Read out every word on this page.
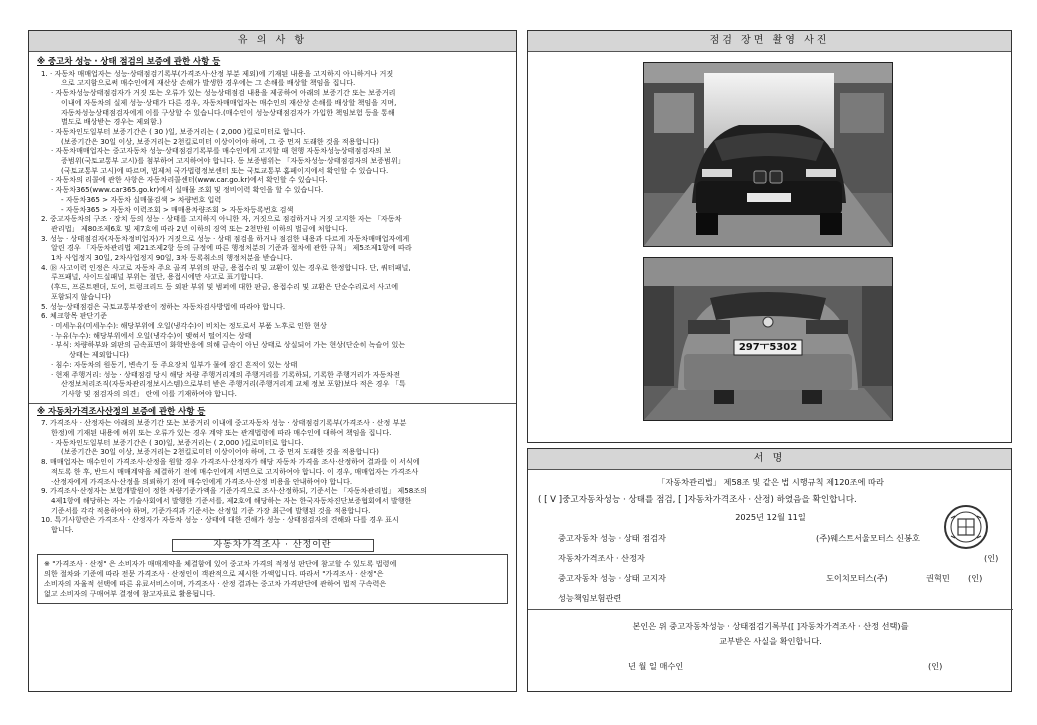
유 의 사 항
※ 중고차 성능 · 상태 점검의 보증에 관한 사항 등
1. · 자동차 매매업자는 성능·상태점검기록부(가격조사·산정 부분 제외)에 기재된 내용을 고지하지 아니하거나 거짓
으로 고지함으로써 매수인에게 재산상 손해가 발생한 경우에는 그 손해를 배상할 책임을 집니다.
· 자동차성능상태점검자가 거짓 또는 오류가 있는 성능상태점검 내용을 제공하여 아래의 보증기간 또는 보증거리
이내에 자동차의 실제 성능·상태가 다른 경우, 자동차매매업자는 매수인의 재산상 손해를 배상할 책임을 지며,
자동차성능상태점검자에게 이를 구상할 수 있습니다.(매수인이 성능상태점검자가 가입한 책임보험 등을 통해
별도로 배상받는 경우는 제외함.)
· 자동차인도일부터 보증기간은 ( 30 )일, 보증거리는 ( 2,000 )킬로미터로 합니다.
(보증기간은 30일 이상, 보증거리는 2천킬로미터 이상이어야 하며, 그 중 먼저 도래한 것을 적용합니다)
· 자동차매매업자는 중고자동차 성능·상태점검기록부를 매수인에게 고지할 때 현행 자동차성능상태점검자의 보
증범위(국토교통부 고시)를 첨부하여 고지하여야 합니다. 동 보증범위는 「자동차성능·상태점검자의 보증범위」
(국토교통부 고시)에 따르며, 법제처 국가법령정보센터 또는 국토교통부 홈페이지에서 확인할 수 있습니다.
· 자동차의 리콜에 관한 사항은 자동차리콜센터(www.car.go.kr)에서 확인할 수 있습니다.
· 자동차365(www.car365.go.kr)에서 실매물 조회 및 정비이력 확인을 할 수 있습니다.
- 자동차365 > 자동차 실매물검색 > 차량번호 입력
- 자동차365 > 자동차 이력조회 > 매매용차량조회 > 자동차등록번호 검색
2. 중고자동차의 구조 · 장치 등의 성능 · 상태를 고지하지 아니한 자, 거짓으로 점검하거나 거짓 고지한 자는 「자동차
관리법」 제80조제6호 및 제7호에 따라 2년 이하의 징역 또는 2천만원 이하의 벌금에 처합니다.
3. 성능 · 상태점검자(자동차정비업자)가 거짓으로 성능 · 상태 점검을 하거나 점검한 내용과 다르게 자동차매매업자에게
알린 경우 「자동차관리법 제21조제2항 등의 규정에 따른 행정처분의 기준과 절차에 관한 규칙」 제5조제1항에 따라
1차 사업정지 30일, 2차사업정지 90일, 3차 등록취소의 행정처분을 받습니다.
4. ⑱ 사고이력 인정은 사고로 자동차 주요 골격 부위의 판금, 용접수리 및 교환이 있는 경우로 한정합니다. 단, 쿼터패널,
루프패널, 사이드실패널 부위는 절단, 용접시에만 사고로 표기합니다.
(후드, 프론트펜더, 도어, 트렁크리드 등 외판 부위 및 범퍼에 대한 판금, 용접수리 및 교환은 단순수리로서 사고에
포함되지 않습니다)
5. 성능·상태점검은 국토교통부장관이 정하는 자동차검사방법에 따라야 합니다.
6. 체크항목 판단기준
· 미세누유(미세누수): 해당부위에 오일(냉각수)이 비치는 정도로서 부품 노후로 인한 현상
· 누유(누수): 해당부위에서 오일(냉각수)이 맺혀서 떨어지는 상태
· 부식: 차량하부와 외판의 금속표면이 화학반응에 의해 금속이 아닌 상태로 상실되어 가는 현상(단순히 녹슬어 있는
상태는 제외합니다)
· 침수: 자동차의 원동기, 변속기 등 주요장치 일부가 물에 잠긴 흔적이 있는 상태
· 현재 주행거리: 성능 · 상태점검 당시 해당 차량 주행거리계의 주행거리를 기록하되, 기록한 주행거리가 자동차전
산정보처리조직(자동차관리정보시스템)으로부터 받은 주행거리(주행거리계 교체 정보 포함)보다 적은 경우 「특
기사항 및 점검자의 의견」 란에 이를 기재하여야 합니다.
※ 자동차가격조사산정의 보증에 관한 사항 등
7. 가격조사 · 산정자는 아래의 보증기간 또는 보증거리 이내에 중고자동차 성능 · 상태점검기록부(가격조사 · 산정 부분
한정)에 기재된 내용에 허위 또는 오류가 있는 경우 계약 또는 관계법령에 따라 매수인에 대하여 책임을 집니다.
· 자동차인도일부터 보증기간은 ( 30)일, 보증거리는 ( 2,000 )킬로미터로 합니다.
(보증기간은 30일 이상, 보증거리는 2천킬로미터 이상이어야 하며, 그 중 먼저 도래한 것을 적용합니다)
8. 매매업자는 매수인이 가격조사·산정을 원할 경우 가격조사·산정자가 해당 자동차 가격을 조사·산정하여 결과를 이 서식에
적도록 한 후, 반드시 매매계약을 체결하기 전에 매수인에게 서면으로 고지하여야 합니다. 이 경우, 매매업자는 가격조사
·산정자에게 가격조사·산정을 의뢰하기 전에 매수인에게 가격조사·산정 비용을 안내하여야 합니다.
9. 가격조사·산정자는 보험개발원이 정한 차량기준가액을 기준가격으로 조사·산정하되, 기준서는 「자동차관리법」 제58조의
4제1항에 해당하는 자는 기술사회에서 발행한 기준서를, 제2호에 해당하는 자는 한국자동차진단보증협회에서 발행한
기준서를 각각 적용하여야 하며, 기준가격과 기준서는 산정일 기준 가장 최근에 발행된 것을 적용합니다.
10. 특기사항란은 가격조사 · 산정자가 자동차 성능 · 상태에 대한 견해가 성능 · 상태점검자의 견해와 다를 경우 표시
합니다.
자동차가격조사 · 산정이란
※ "가격조사 · 산정" 은 소비자가 매매계약을 체결함에 있어 중고차 가격의 적정성 판단에 참고할 수 있도록 법령에
의한 절차와 기준에 따라 전문 가격조사 · 산정인이 객관적으로 제시한 가액입니다. 따라서 "가격조사 · 산정"은
소비자의 자율적 선택에 따른 유료서비스이며, 가격조사 · 산정 결과는 중고차 가격판단에 관하여 법적 구속력은
없고 소비자의 구매여부 결정에 참고자료로 활용됩니다.
점검 장면 촬영 사진
297ㅜ5302
서 명
「자동차관리법」 제58조 및 같은 법 시행규칙 제120조에 따라
( [ V ]중고자동차성능 · 상태를 점검, [ ]자동차가격조사 · 산정) 하였음을 확인합니다.
2025년 12월 11일
중고자동차 성능 · 상태 점검자	(주)웨스트서울모터스 신봉호
자동차가격조사 · 산정자	(인)
중고자동차 성능 · 상태 고지자	도이치모터스(주)	권혁민 (인)
성능책임보험관련
본인은 위 중고자동차성능 · 상태점검기록부([ ]자동차가격조사 · 산정 선택)를
교부받은 사실을 확인합니다.
년 월 일 매수인	(인)
